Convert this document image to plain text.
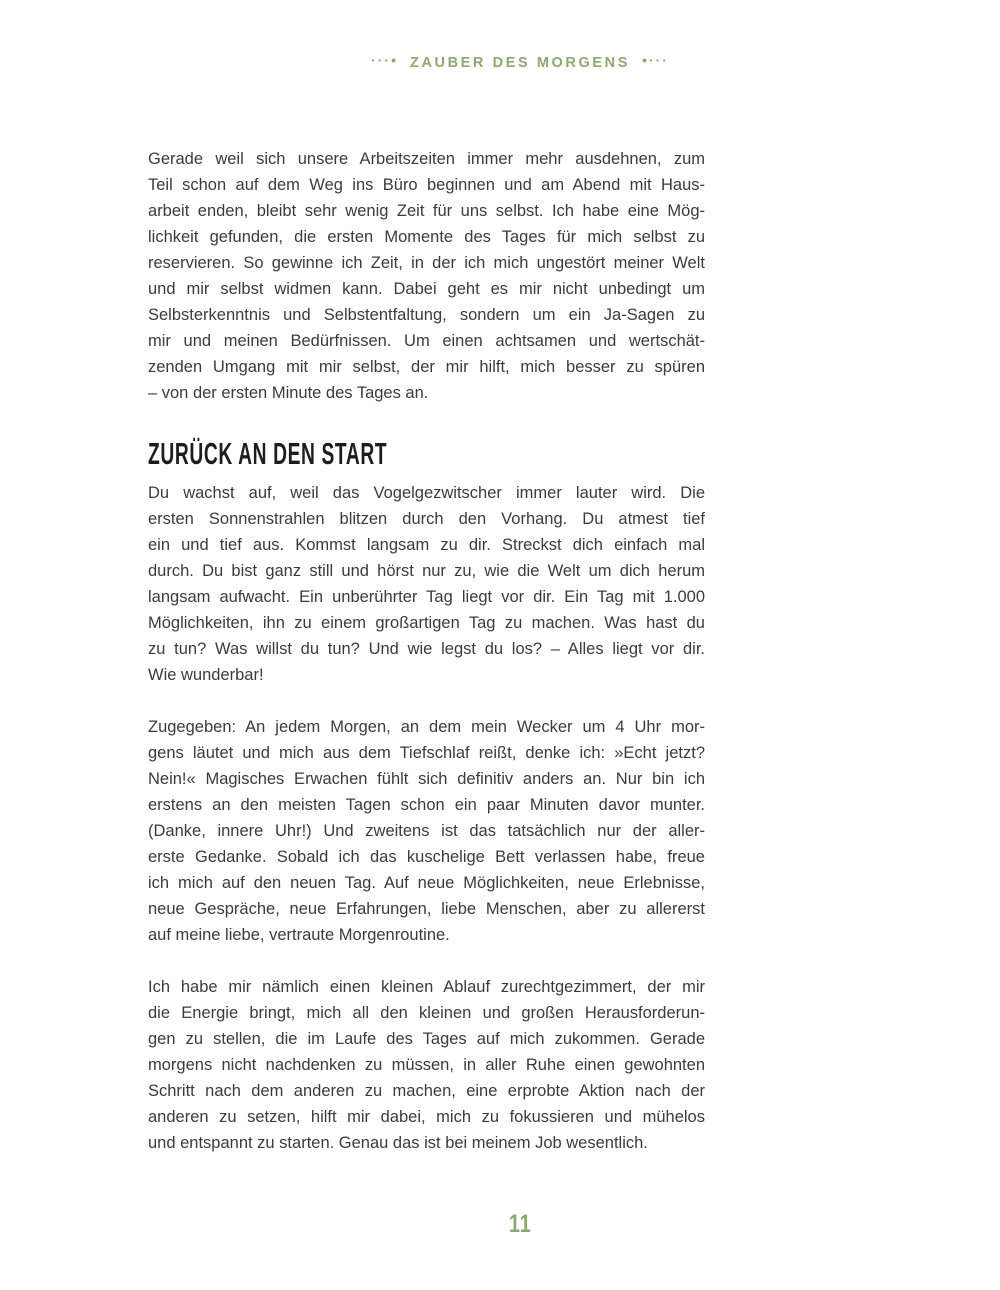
···• ZAUBER DES MORGENS •···
Gerade weil sich unsere Arbeitszeiten immer mehr ausdehnen, zum
Teil schon auf dem Weg ins Büro beginnen und am Abend mit Haus-
arbeit enden, bleibt sehr wenig Zeit für uns selbst. Ich habe eine Mög-
lichkeit gefunden, die ersten Momente des Tages für mich selbst zu
reservieren. So gewinne ich Zeit, in der ich mich ungestört meiner Welt
und mir selbst widmen kann. Dabei geht es mir nicht unbedingt um
Selbsterkenntnis und Selbstentfaltung, sondern um ein Ja-Sagen zu
mir und meinen Bedürfnissen. Um einen achtsamen und wertschät-
zenden Umgang mit mir selbst, der mir hilft, mich besser zu spüren
– von der ersten Minute des Tages an.
ZURÜCK AN DEN START
Du wachst auf, weil das Vogelgezwitscher immer lauter wird. Die
ersten Sonnenstrahlen blitzen durch den Vorhang. Du atmest tief
ein und tief aus. Kommst langsam zu dir. Streckst dich einfach mal
durch. Du bist ganz still und hörst nur zu, wie die Welt um dich herum
langsam aufwacht. Ein unberührter Tag liegt vor dir. Ein Tag mit 1.000
Möglichkeiten, ihn zu einem großartigen Tag zu machen. Was hast du
zu tun? Was willst du tun? Und wie legst du los? – Alles liegt vor dir.
Wie wunderbar!
Zugegeben: An jedem Morgen, an dem mein Wecker um 4 Uhr mor-
gens läutet und mich aus dem Tiefschlaf reißt, denke ich: »Echt jetzt?
Nein!« Magisches Erwachen fühlt sich definitiv anders an. Nur bin ich
erstens an den meisten Tagen schon ein paar Minuten davor munter.
(Danke, innere Uhr!) Und zweitens ist das tatsächlich nur der aller-
erste Gedanke. Sobald ich das kuschelige Bett verlassen habe, freue
ich mich auf den neuen Tag. Auf neue Möglichkeiten, neue Erlebnisse,
neue Gespräche, neue Erfahrungen, liebe Menschen, aber zu allererst
auf meine liebe, vertraute Morgenroutine.
Ich habe mir nämlich einen kleinen Ablauf zurechtgezimmert, der mir
die Energie bringt, mich all den kleinen und großen Herausforderun-
gen zu stellen, die im Laufe des Tages auf mich zukommen. Gerade
morgens nicht nachdenken zu müssen, in aller Ruhe einen gewohnten
Schritt nach dem anderen zu machen, eine erprobte Aktion nach der
anderen zu setzen, hilft mir dabei, mich zu fokussieren und mühelos
und entspannt zu starten. Genau das ist bei meinem Job wesentlich.
11
